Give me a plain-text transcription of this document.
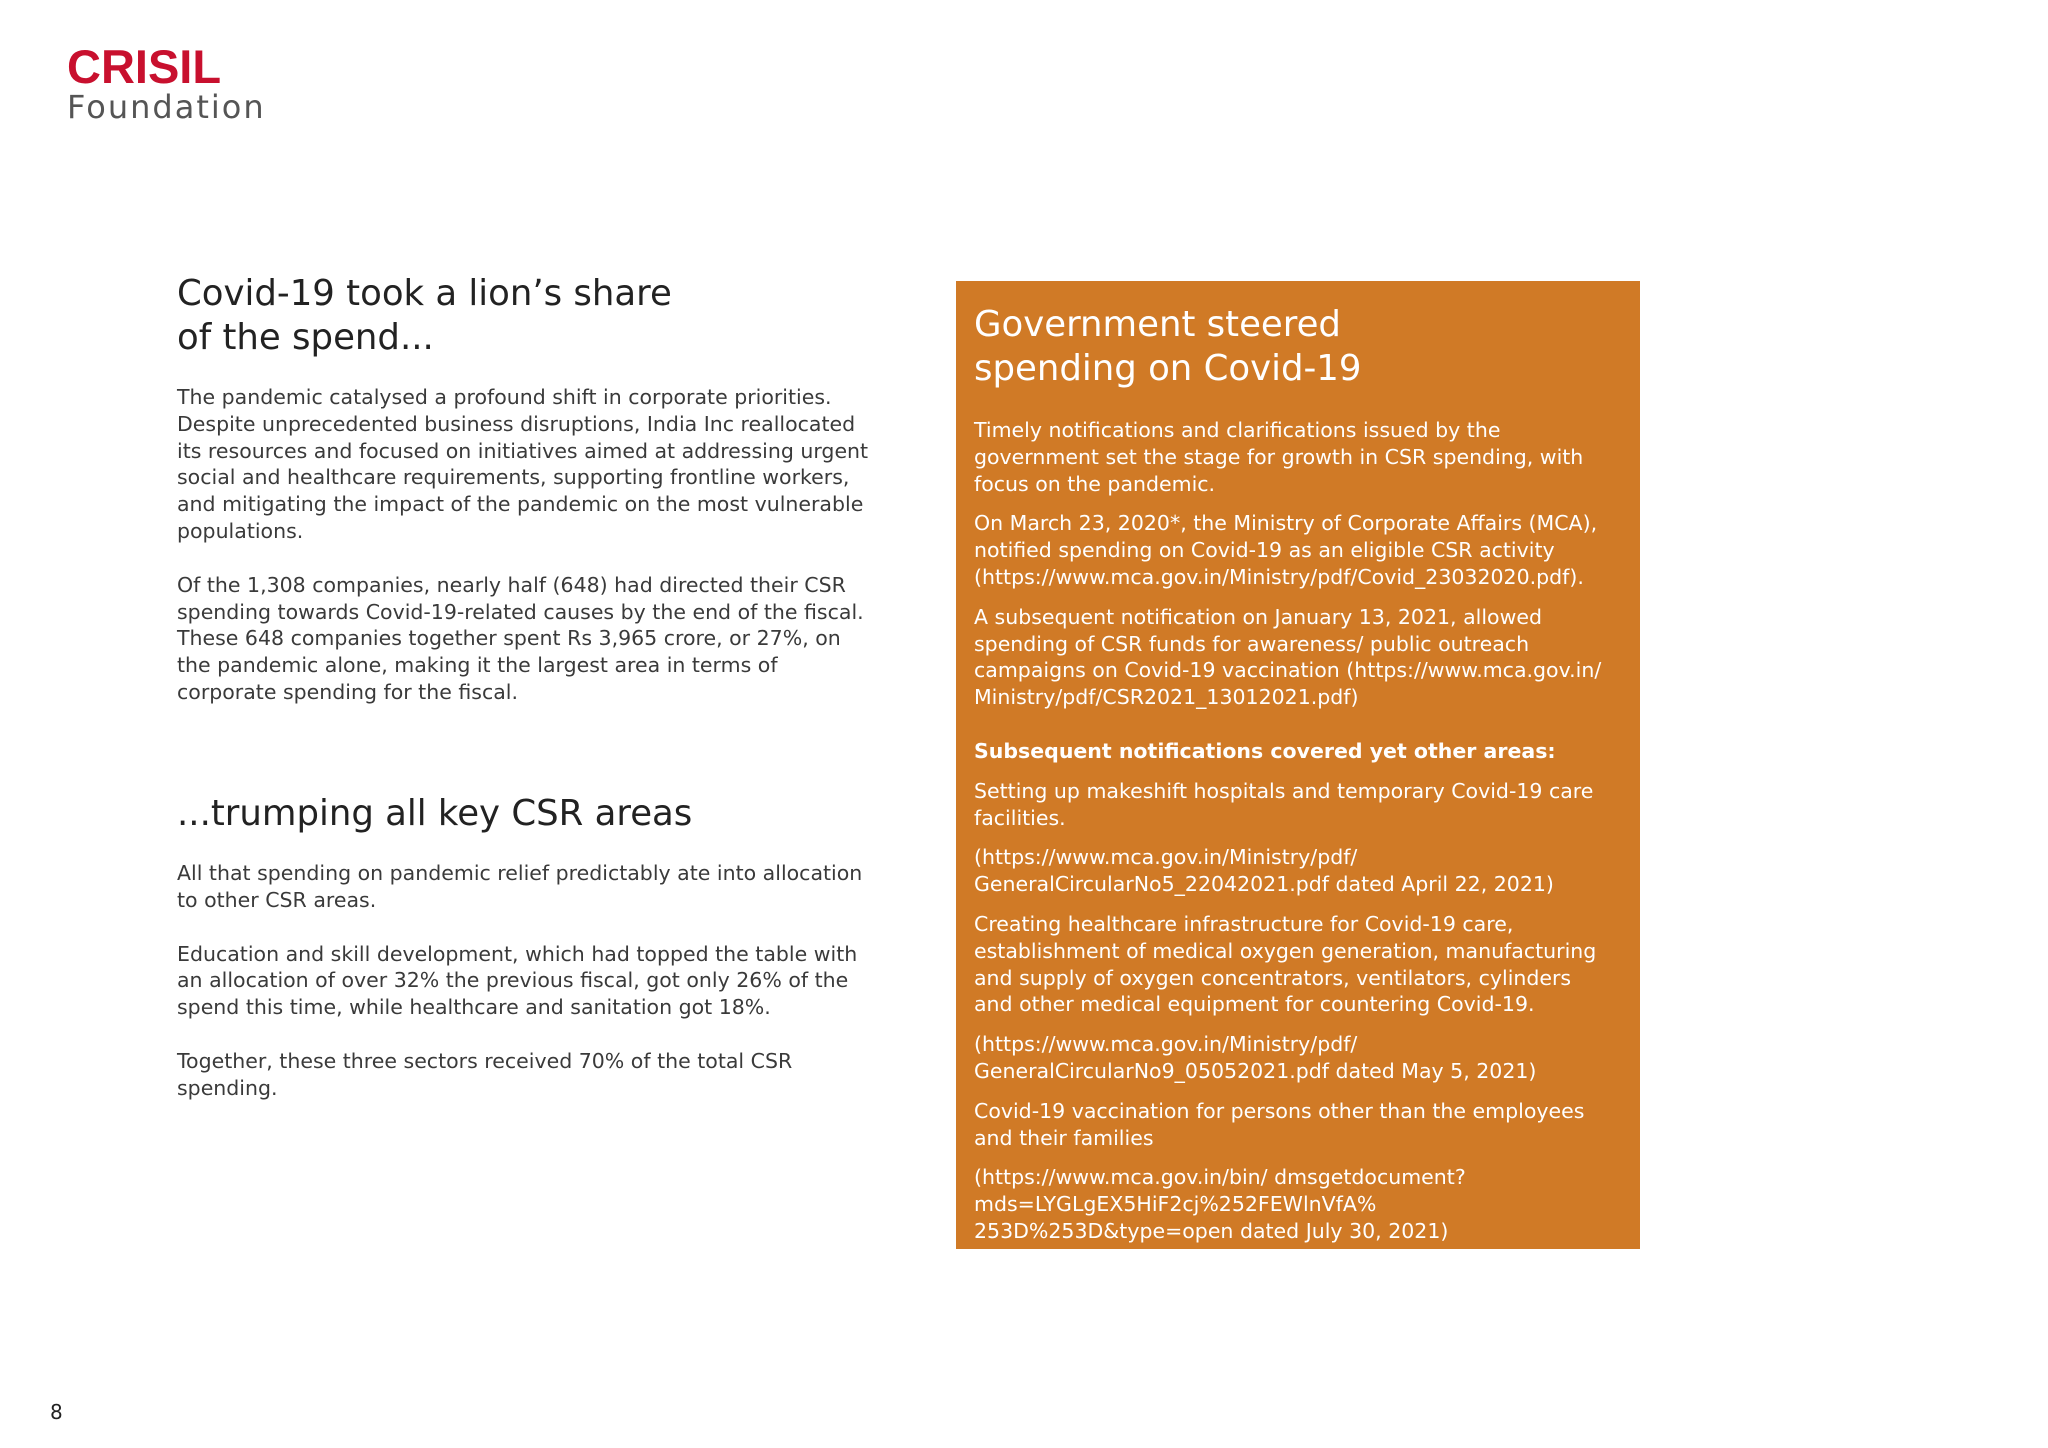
CRISIL
Foundation
Covid-19 took a lion’s share
of the spend...

The pandemic catalysed a profound shift in corporate priorities. Despite unprecedented business disruptions, India Inc reallocated its resources and focused on initiatives aimed at addressing urgent social and healthcare requirements, supporting frontline workers, and mitigating the impact of the pandemic on the most vulnerable populations.

Of the 1,308 companies, nearly half (648) had directed their CSR spending towards Covid-19-related causes by the end of the fiscal. These 648 companies together spent Rs 3,965 crore, or 27%, on the pandemic alone, making it the largest area in terms of corporate spending for the fiscal.

...trumping all key CSR areas

All that spending on pandemic relief predictably ate into allocation to other CSR areas.

Education and skill development, which had topped the table with an allocation of over 32% the previous fiscal, got only 26% of the spend this time, while healthcare and sanitation got 18%.

Together, these three sectors received 70% of the total CSR spending.

Government steered
spending on Covid-19

Timely notifications and clarifications issued by the government set the stage for growth in CSR spending, with focus on the pandemic.

On March 23, 2020*, the Ministry of Corporate Affairs (MCA), notified spending on Covid-19 as an eligible CSR activity (https://www.mca.gov.in/Ministry/pdf/Covid_23032020.pdf).

A subsequent notification on January 13, 2021, allowed spending of CSR funds for awareness/ public outreach campaigns on Covid-19 vaccination (https://www.mca.gov.in/ Ministry/pdf/CSR2021_13012021.pdf)

Subsequent notifications covered yet other areas:

Setting up makeshift hospitals and temporary Covid-19 care facilities.

(https://www.mca.gov.in/Ministry/pdf/ GeneralCircularNo5_22042021.pdf dated April 22, 2021)

Creating healthcare infrastructure for Covid-19 care, establishment of medical oxygen generation, manufacturing and supply of oxygen concentrators, ventilators, cylinders and other medical equipment for countering Covid-19.

(https://www.mca.gov.in/Ministry/pdf/ GeneralCircularNo9_05052021.pdf dated May 5, 2021)

Covid-19 vaccination for persons other than the employees and their families

(https://www.mca.gov.in/bin/ dmsgetdocument?mds=LYGLgEX5HiF2cj%252FEWlnVfA% 253D%253D&type=open dated July 30, 2021)

8
